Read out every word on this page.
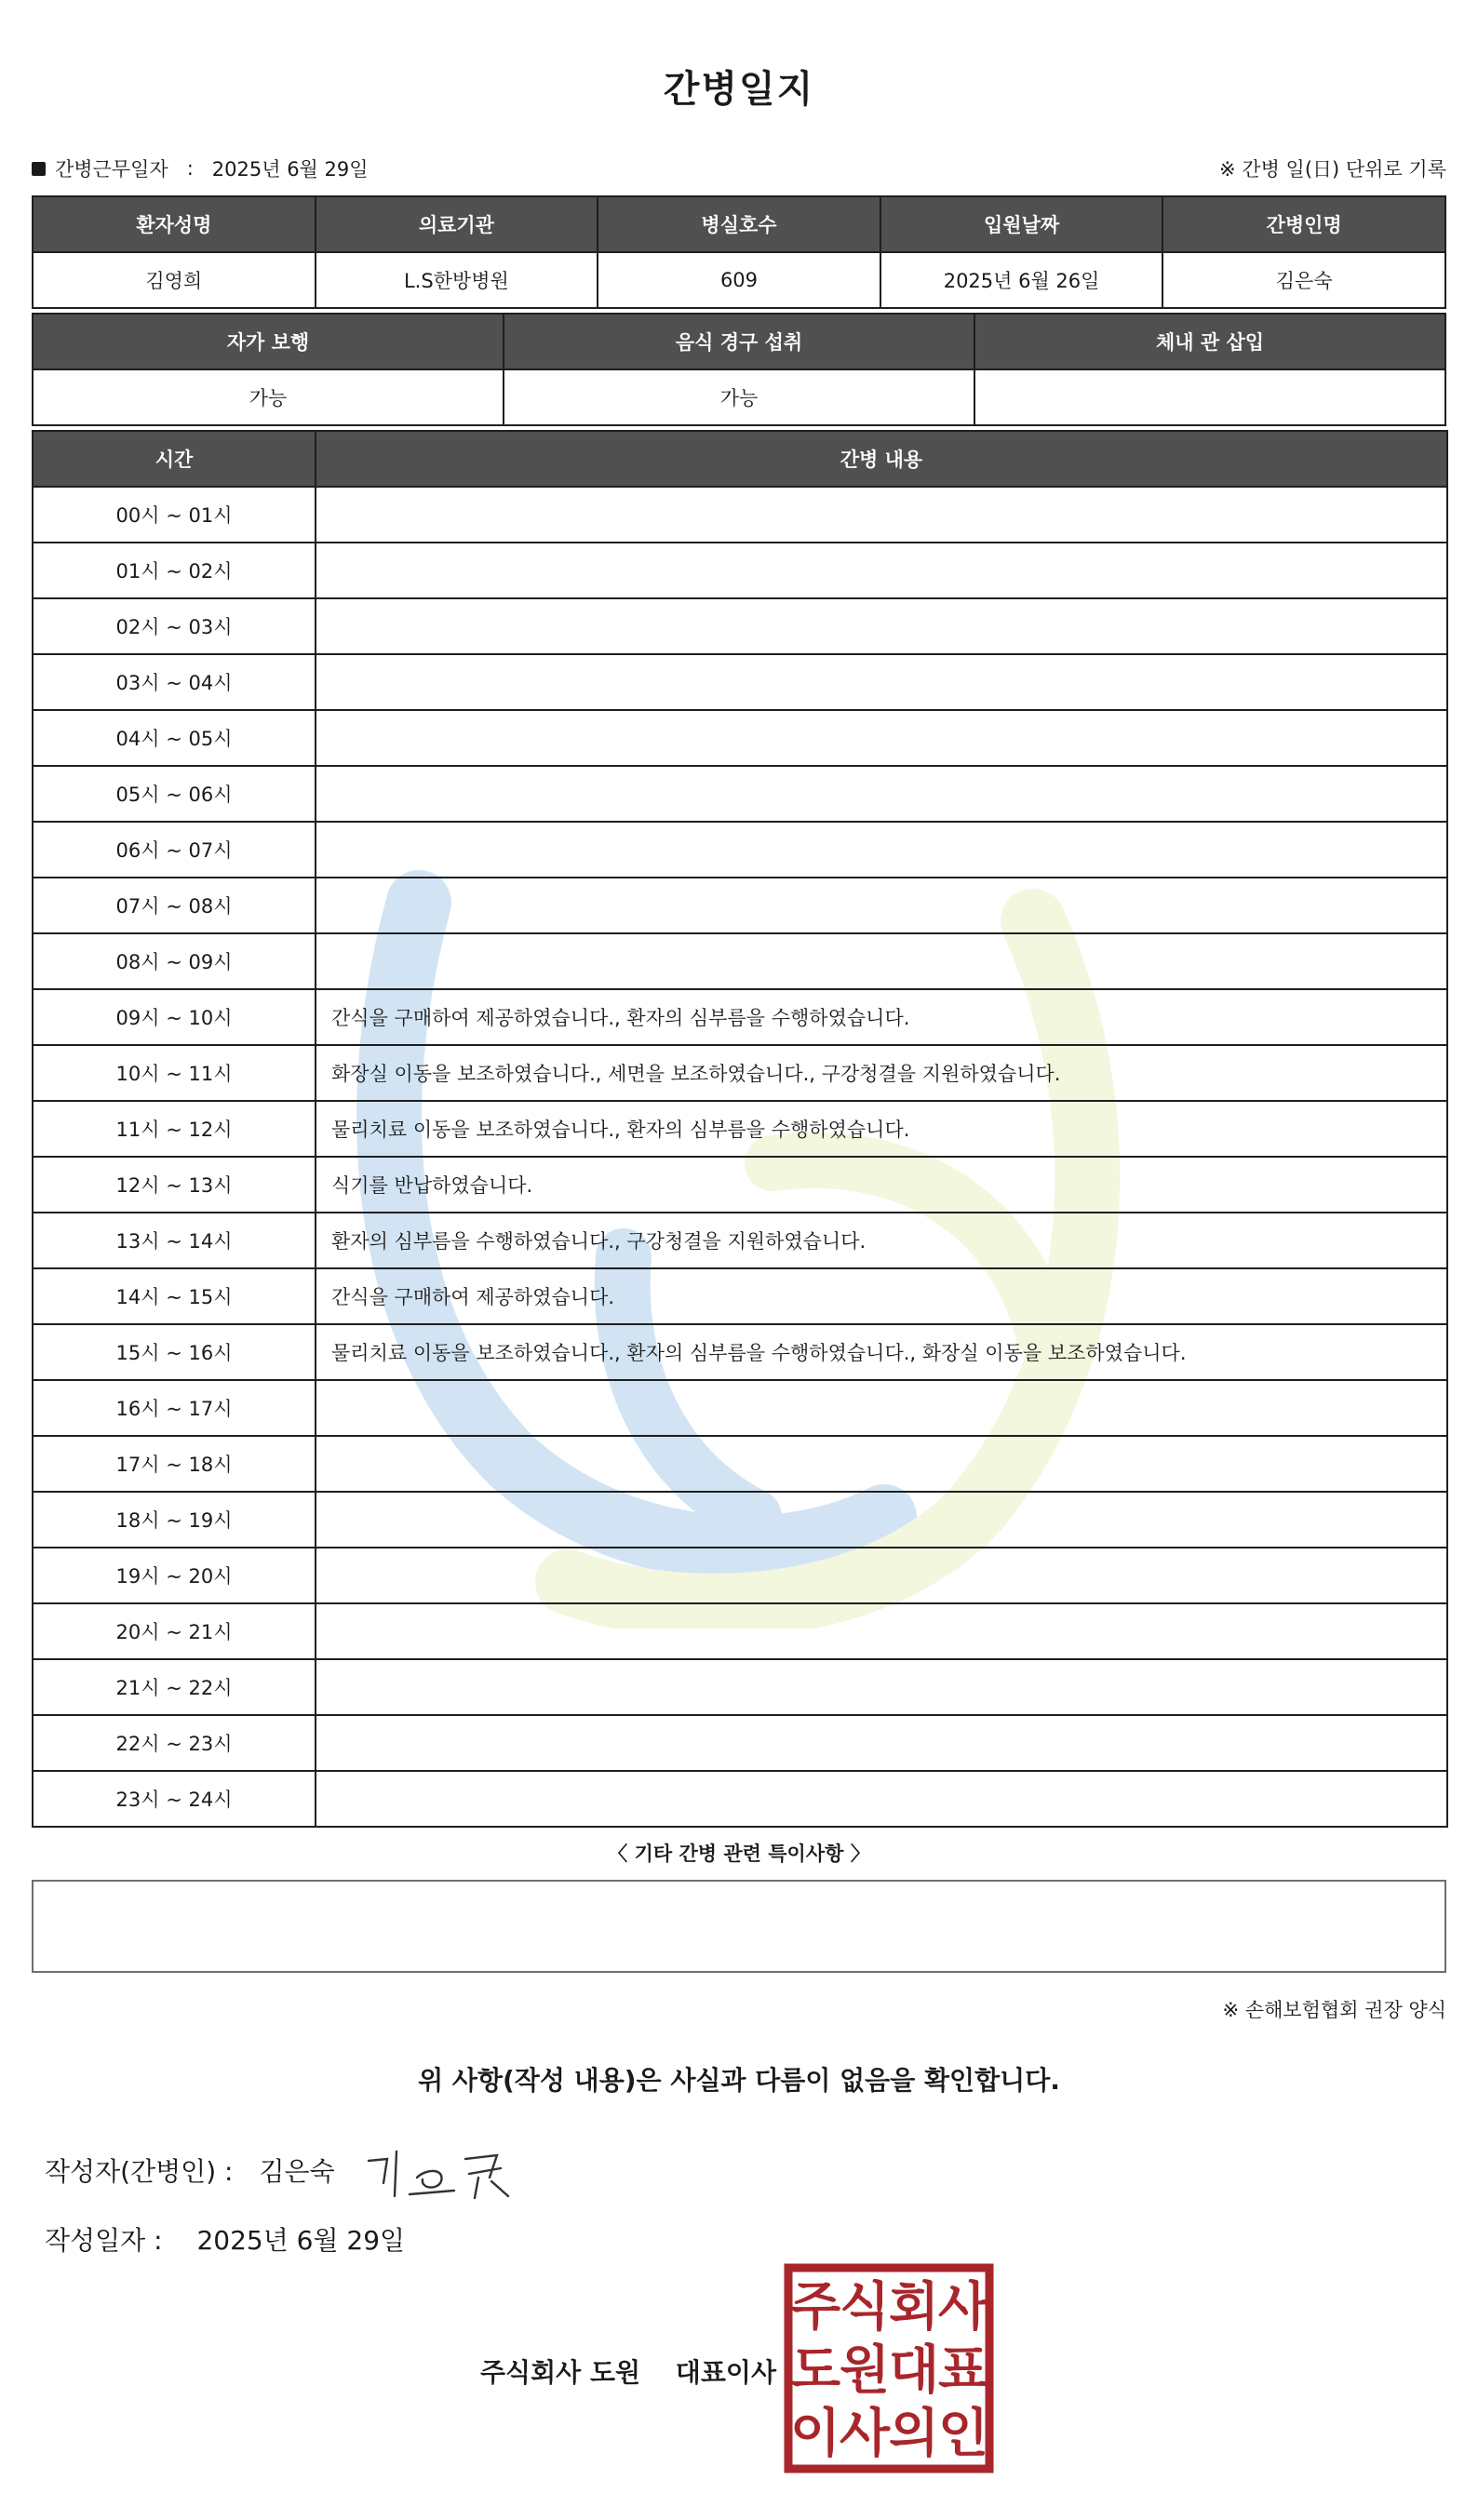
간병일지
간병근무일자 : 2025년 6월 29일	※ 간병 일(日) 단위로 기록
환자성명	의료기관	병실호수	입원날짜	간병인명
김영희	L.S한방병원	609	2025년 6월 26일	김은숙
자가 보행	음식 경구 섭취	체내 관 삽입
가능	가능	
시간	간병 내용
00시 ~ 01시	
01시 ~ 02시	
02시 ~ 03시	
03시 ~ 04시	
04시 ~ 05시	
05시 ~ 06시	
06시 ~ 07시	
07시 ~ 08시	
08시 ~ 09시	
09시 ~ 10시	간식을 구매하여 제공하였습니다., 환자의 심부름을 수행하였습니다.
10시 ~ 11시	화장실 이동을 보조하였습니다., 세면을 보조하였습니다., 구강청결을 지원하였습니다.
11시 ~ 12시	물리치료 이동을 보조하였습니다., 환자의 심부름을 수행하였습니다.
12시 ~ 13시	식기를 반납하였습니다.
13시 ~ 14시	환자의 심부름을 수행하였습니다., 구강청결을 지원하였습니다.
14시 ~ 15시	간식을 구매하여 제공하였습니다.
15시 ~ 16시	물리치료 이동을 보조하였습니다., 환자의 심부름을 수행하였습니다., 화장실 이동을 보조하였습니다.
16시 ~ 17시	
17시 ~ 18시	
18시 ~ 19시	
19시 ~ 20시	
20시 ~ 21시	
21시 ~ 22시	
22시 ~ 23시	
23시 ~ 24시	
〈 기타 간병 관련 특이사항 〉
※ 손해보험협회 권장 양식
위 사항(작성 내용)은 사실과 다름이 없음을 확인합니다.
작성자(간병인) : 김은숙
작성일자 : 2025년 6월 29일
주식회사 도원 대표이사
주
식
회
사
도
원
대
표
이
사
의
인
